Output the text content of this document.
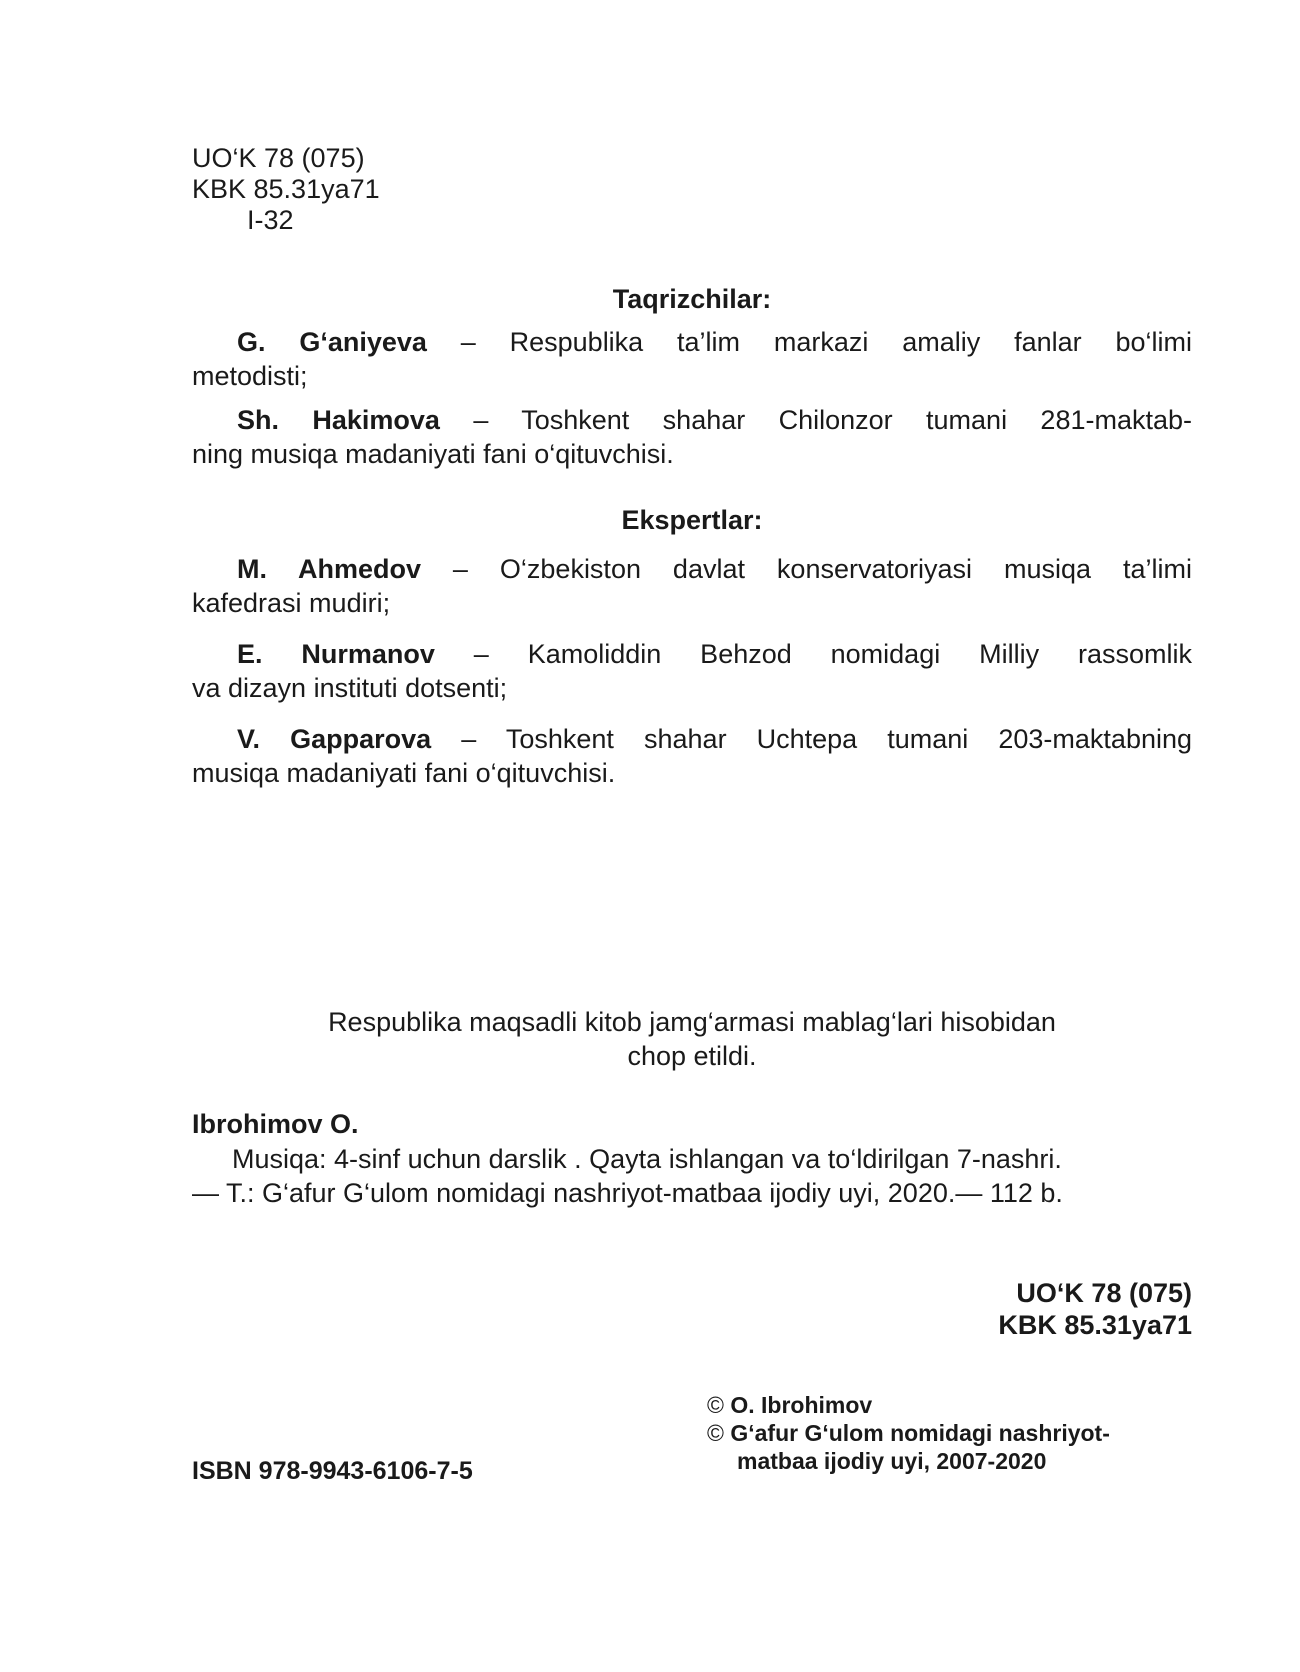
UO‘K 78 (075)
KBK 85.31ya71
I-32
Taqrizchilar:
G. G‘aniyeva – Respublika ta’lim markazi amaliy fanlar bo‘limi
metodisti;
Sh. Hakimova – Toshkent shahar Chilonzor tumani 281-maktab-
ning musiqa madaniyati fani o‘qituvchisi.
Ekspertlar:
M. Ahmedov – O‘zbekiston davlat konservatoriyasi musiqa ta’limi
kafedrasi mudiri;
E. Nurmanov – Kamoliddin Behzod nomidagi Milliy rassomlik
va dizayn instituti dotsenti;
V. Gapparova – Toshkent shahar Uchtepa tumani 203-maktabning
musiqa madaniyati fani o‘qituvchisi.
Respublika maqsadli kitob jamg‘armasi mablag‘lari hisobidan
chop etildi.
Ibrohimov O.
Musiqa: 4-sinf uchun darslik . Qayta ishlangan va to‘ldirilgan 7-nashri.
— T.: G‘afur G‘ulom nomidagi nashriyot-matbaa ijodiy uyi, 2020.— 112 b.
UO‘K 78 (075)
KBK 85.31ya71
© O. Ibrohimov
© G‘afur G‘ulom nomidagi nashriyot-
matbaa ijodiy uyi, 2007-2020
ISBN 978-9943-6106-7-5
